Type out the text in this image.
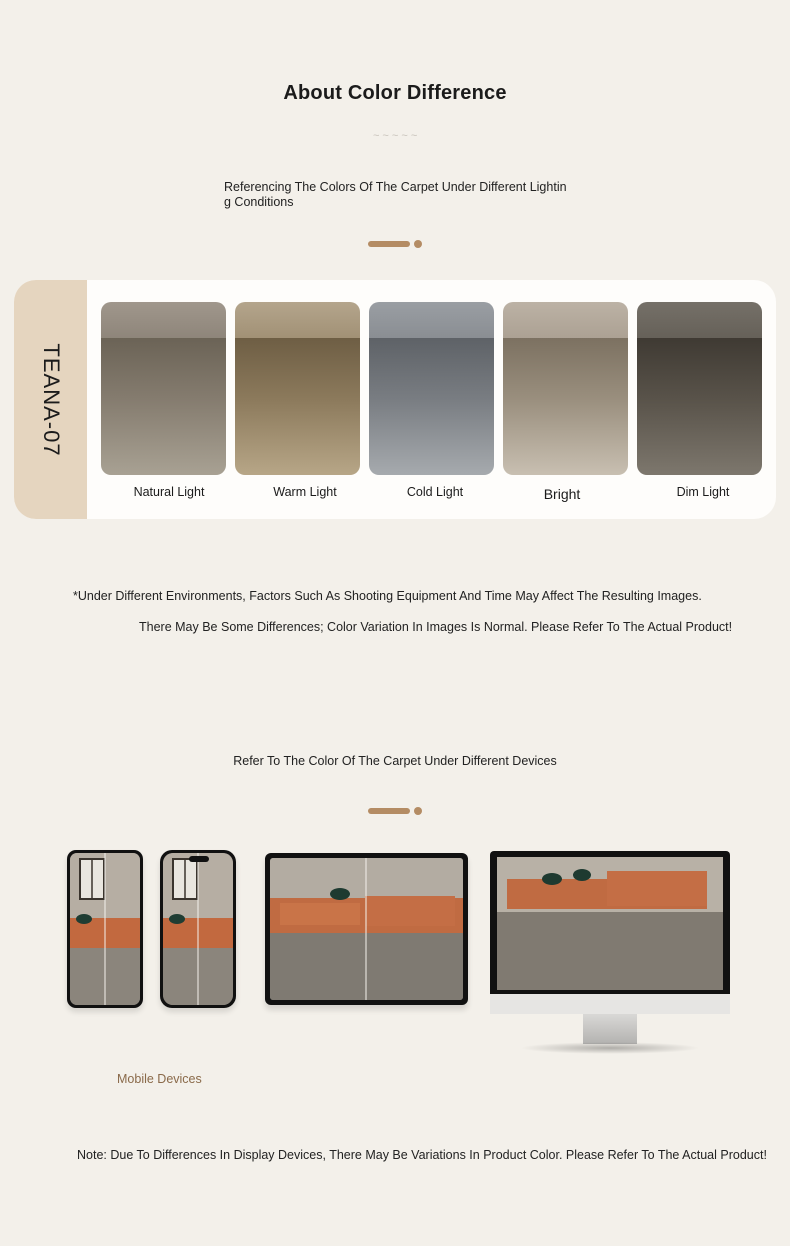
About Color Difference
~ ~ ~ ~ ~
Referencing The Colors Of The Carpet Under Different Lighting Conditions
TEANA-07
Natural Light	Warm Light	Cold Light	Bright	Dim Light
*Under Different Environments, Factors Such As Shooting Equipment And Time May Affect The Resulting Images.
There May Be Some Differences; Color Variation In Images Is Normal. Please Refer To The Actual Product!
Refer To The Color Of The Carpet Under Different Devices
Mobile Devices
Note: Due To Differences In Display Devices, There May Be Variations In Product Color. Please Refer To The Actual Product!
